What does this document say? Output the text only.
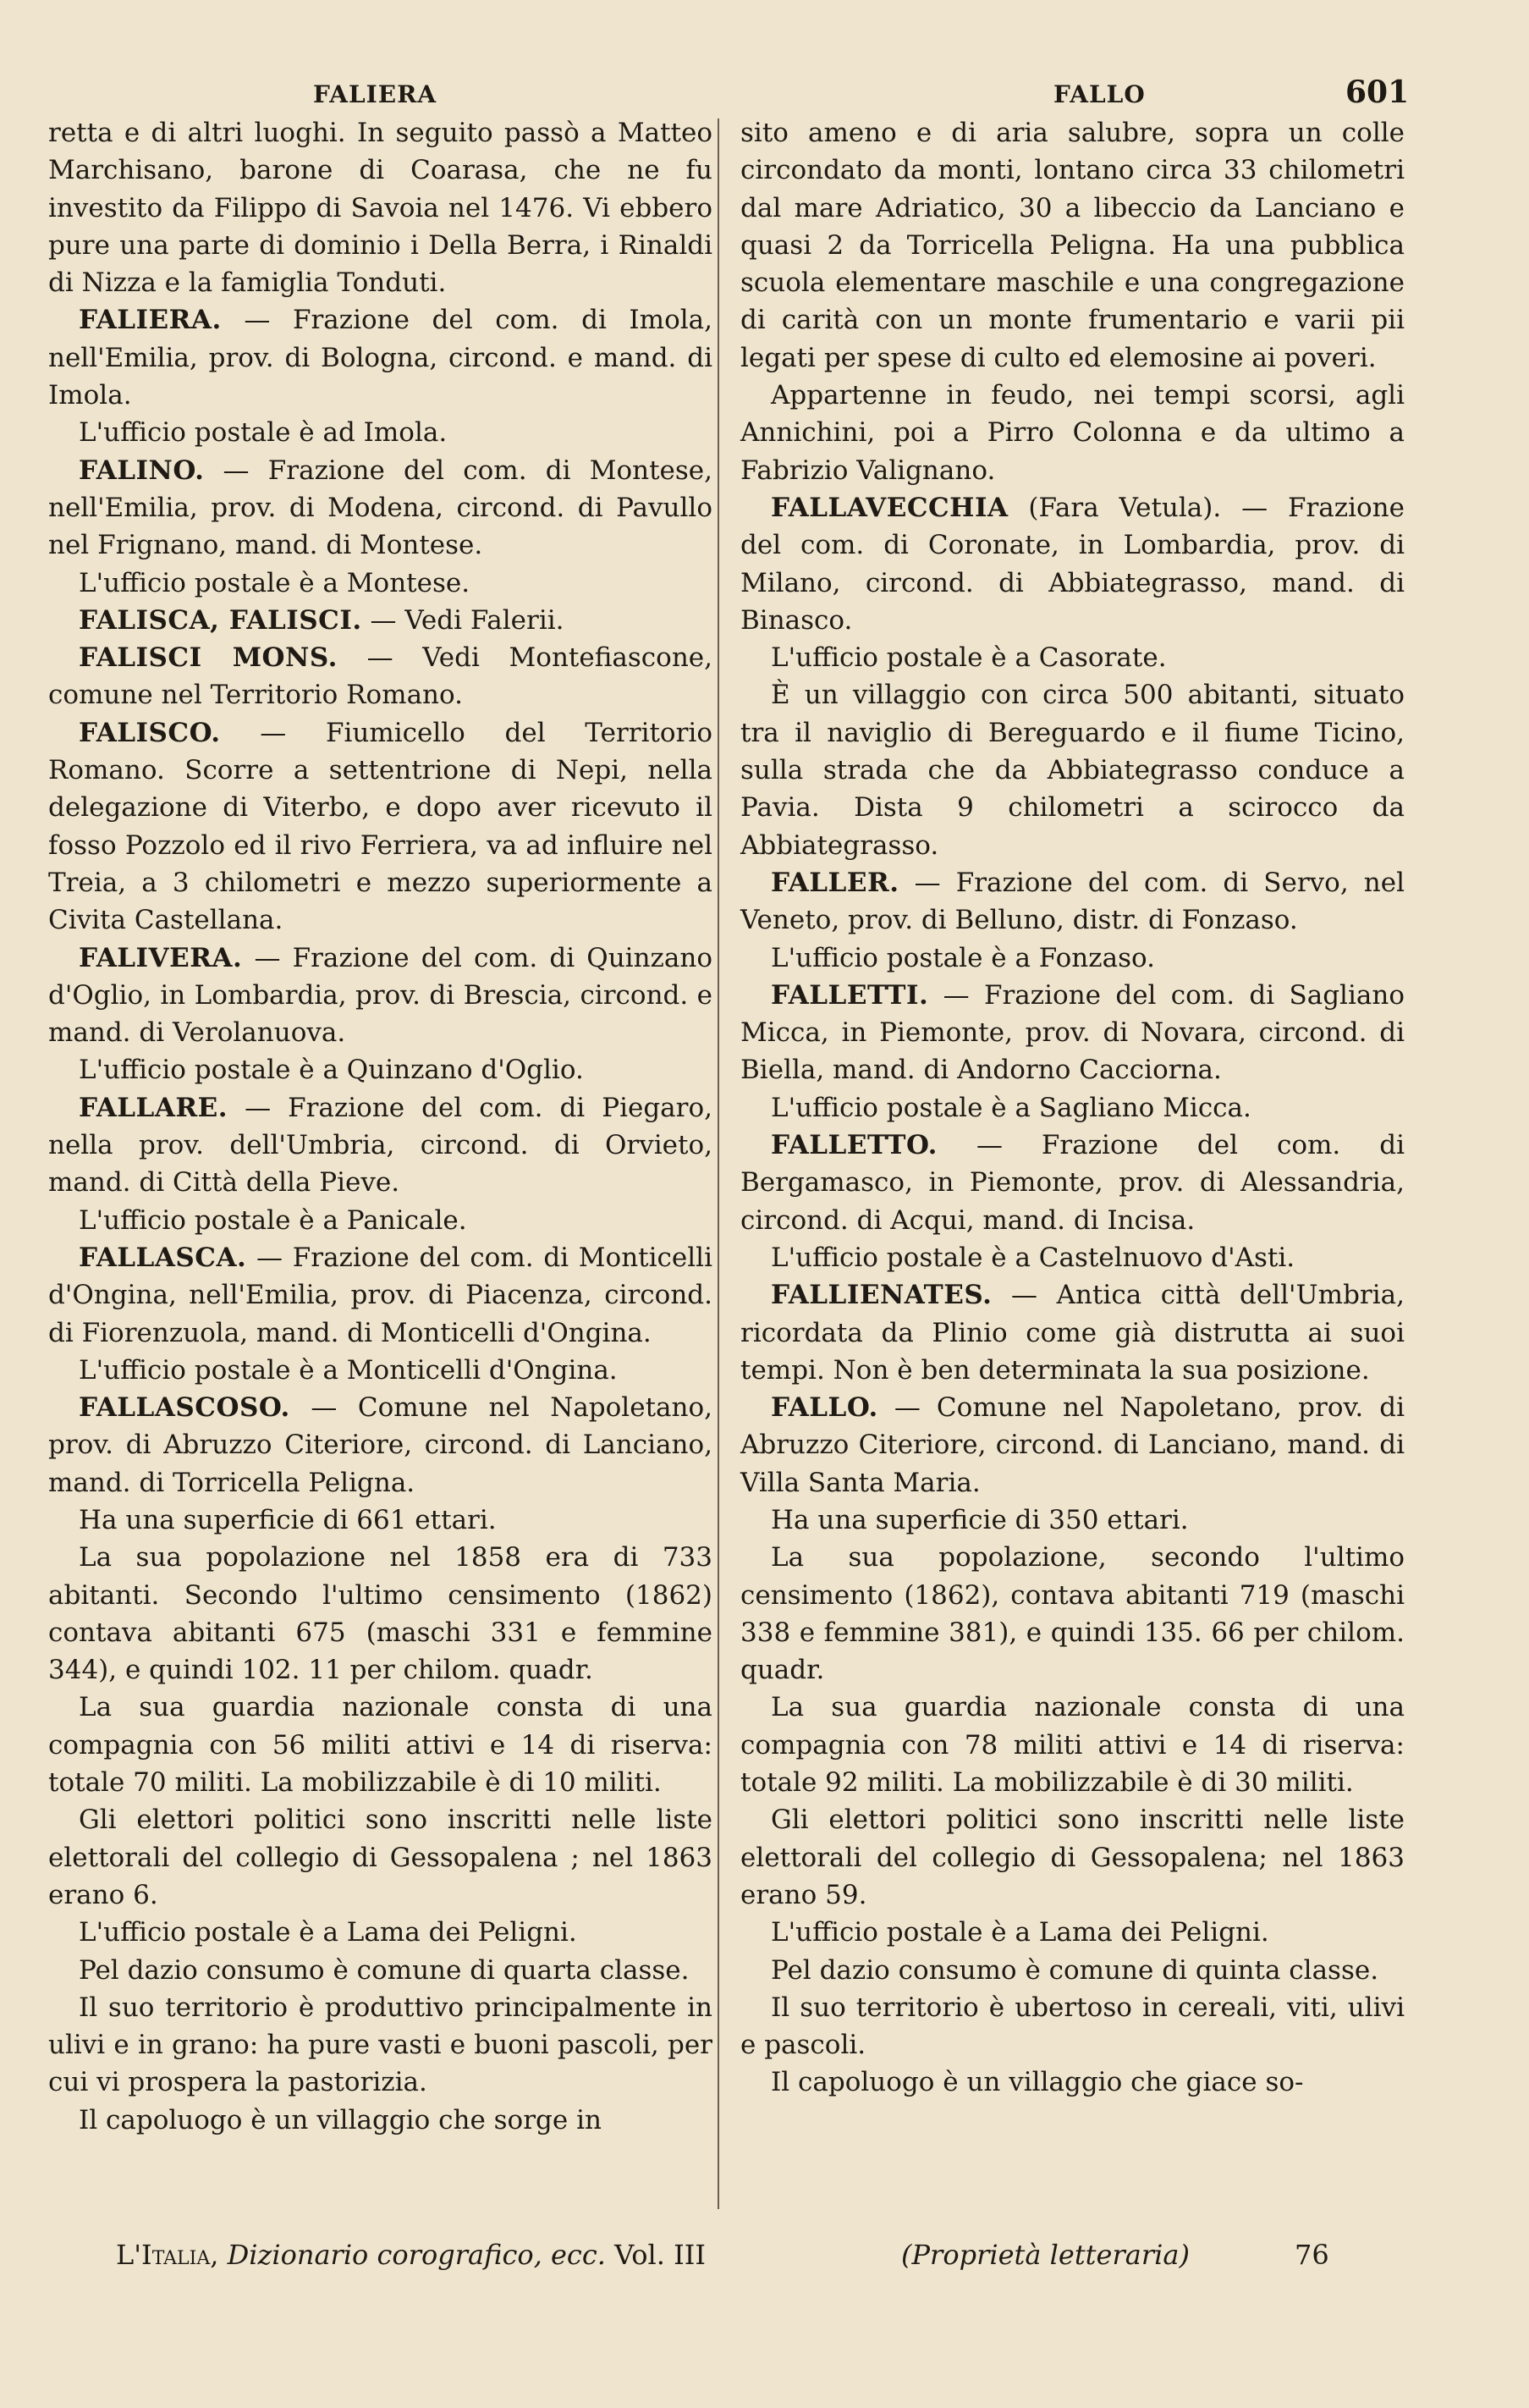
FALIERA	FALLO	601

retta e di altri luoghi. In seguito passò a Matteo Marchisano, barone di Coarasa, che ne fu investito da Filippo di Savoia nel 1476. Vi ebbero pure una parte di dominio i Della Berra, i Rinaldi di Nizza e la famiglia Tonduti.

FALIERA. — Frazione del com. di Imola, nell'Emilia, prov. di Bologna, circond. e mand. di Imola.

L'ufficio postale è ad Imola.

FALINO. — Frazione del com. di Montese, nell'Emilia, prov. di Modena, circond. di Pavullo nel Frignano, mand. di Montese.

L'ufficio postale è a Montese.

FALISCA, FALISCI. — Vedi Falerii.

FALISCI MONS. — Vedi Montefiascone, comune nel Territorio Romano.

FALISCO. — Fiumicello del Territorio Romano. Scorre a settentrione di Nepi, nella delegazione di Viterbo, e dopo aver ricevuto il fosso Pozzolo ed il rivo Ferriera, va ad influire nel Treia, a 3 chilometri e mezzo superiormente a Civita Castellana.

FALIVERA. — Frazione del com. di Quinzano d'Oglio, in Lombardia, prov. di Brescia, circond. e mand. di Verolanuova.

L'ufficio postale è a Quinzano d'Oglio.

FALLARE. — Frazione del com. di Piegaro, nella prov. dell'Umbria, circond. di Orvieto, mand. di Città della Pieve.

L'ufficio postale è a Panicale.

FALLASCA. — Frazione del com. di Monticelli d'Ongina, nell'Emilia, prov. di Piacenza, circond. di Fiorenzuola, mand. di Monticelli d'Ongina.

L'ufficio postale è a Monticelli d'Ongina.

FALLASCOSO. — Comune nel Napoletano, prov. di Abruzzo Citeriore, circond. di Lanciano, mand. di Torricella Peligna.

Ha una superficie di 661 ettari.

La sua popolazione nel 1858 era di 733 abitanti. Secondo l'ultimo censimento (1862) contava abitanti 675 (maschi 331 e femmine 344), e quindi 102. 11 per chilom. quadr.

La sua guardia nazionale consta di una compagnia con 56 militi attivi e 14 di riserva: totale 70 militi. La mobilizzabile è di 10 militi.

Gli elettori politici sono inscritti nelle liste elettorali del collegio di Gessopalena ; nel 1863 erano 6.

L'ufficio postale è a Lama dei Peligni.

Pel dazio consumo è comune di quarta classe.

Il suo territorio è produttivo principalmente in ulivi e in grano: ha pure vasti e buoni pascoli, per cui vi prospera la pastorizia.

Il capoluogo è un villaggio che sorge in

sito ameno e di aria salubre, sopra un colle circondato da monti, lontano circa 33 chilometri dal mare Adriatico, 30 a libeccio da Lanciano e quasi 2 da Torricella Peligna. Ha una pubblica scuola elementare maschile e una congregazione di carità con un monte frumentario e varii pii legati per spese di culto ed elemosine ai poveri.

Appartenne in feudo, nei tempi scorsi, agli Annichini, poi a Pirro Colonna e da ultimo a Fabrizio Valignano.

FALLAVECCHIA (Fara Vetula). — Frazione del com. di Coronate, in Lombardia, prov. di Milano, circond. di Abbiategrasso, mand. di Binasco.

L'ufficio postale è a Casorate.

È un villaggio con circa 500 abitanti, situato tra il naviglio di Bereguardo e il fiume Ticino, sulla strada che da Abbiategrasso conduce a Pavia. Dista 9 chilometri a scirocco da Abbiategrasso.

FALLER. — Frazione del com. di Servo, nel Veneto, prov. di Belluno, distr. di Fonzaso.

L'ufficio postale è a Fonzaso.

FALLETTI. — Frazione del com. di Sagliano Micca, in Piemonte, prov. di Novara, circond. di Biella, mand. di Andorno Cacciorna.

L'ufficio postale è a Sagliano Micca.

FALLETTO. — Frazione del com. di Bergamasco, in Piemonte, prov. di Alessandria, circond. di Acqui, mand. di Incisa.

L'ufficio postale è a Castelnuovo d'Asti.

FALLIENATES. — Antica città dell'Umbria, ricordata da Plinio come già distrutta ai suoi tempi. Non è ben determinata la sua posizione.

FALLO. — Comune nel Napoletano, prov. di Abruzzo Citeriore, circond. di Lanciano, mand. di Villa Santa Maria.

Ha una superficie di 350 ettari.

La sua popolazione, secondo l'ultimo censimento (1862), contava abitanti 719 (maschi 338 e femmine 381), e quindi 135. 66 per chilom. quadr.

La sua guardia nazionale consta di una compagnia con 78 militi attivi e 14 di riserva: totale 92 militi. La mobilizzabile è di 30 militi.

Gli elettori politici sono inscritti nelle liste elettorali del collegio di Gessopalena; nel 1863 erano 59.

L'ufficio postale è a Lama dei Peligni.

Pel dazio consumo è comune di quinta classe.

Il suo territorio è ubertoso in cereali, viti, ulivi e pascoli.

Il capoluogo è un villaggio che giace so-

L'Italia, Dizionario corografico, ecc. Vol. III	(Proprietà letteraria)	76
